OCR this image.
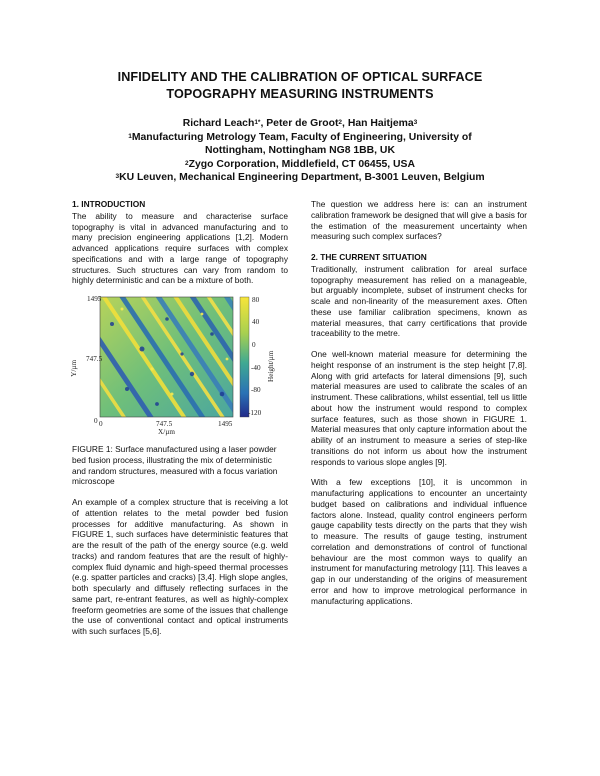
INFIDELITY AND THE CALIBRATION OF OPTICAL SURFACE
TOPOGRAPHY MEASURING INSTRUMENTS
Richard Leach$^{1*}$, Peter de Groot$^2$, Han Haitjema$^3$
$^1$Manufacturing Metrology Team, Faculty of Engineering, University of
Nottingham, Nottingham NG8 1BB, UK
$^2$Zygo Corporation, Middlefield, CT 06455, USA
$^3$KU Leuven, Mechanical Engineering Department, B-3001 Leuven, Belgium
1. INTRODUCTION

The ability to measure and characterise surface topography is vital in advanced manufacturing and to many precision engineering applications [1,2]. Modern advanced applications require surfaces with complex specifications and with a large range of topography structures. Such structures can vary from random to highly deterministic and can be a mixture of both.

1495
747.5
0
Y/µm
0	747.5	1495
X/µm
80
40
0
-40
-80
-120
Height/µm

FIGURE 1: Surface manufactured using a laser powder bed fusion process, illustrating the mix of deterministic and random structures, measured with a focus variation microscope

An example of a complex structure that is receiving a lot of attention relates to the metal powder bed fusion processes for additive manufacturing. As shown in FIGURE 1, such surfaces have deterministic features that are the result of the path of the energy source (e.g. weld tracks) and random features that are the result of highly-complex fluid dynamic and high-speed thermal processes (e.g. spatter particles and cracks) [3,4]. High slope angles, both specularly and diffusely reflecting surfaces in the same part, re-entrant features, as well as highly-complex freeform geometries are some of the issues that challenge the use of conventional contact and optical instruments with such surfaces [5,6].

The question we address here is: can an instrument calibration framework be designed that will give a basis for the estimation of the measurement uncertainty when measuring such complex surfaces?

2. THE CURRENT SITUATION

Traditionally, instrument calibration for areal surface topography measurement has relied on a manageable, but arguably incomplete, subset of instrument checks for scale and non-linearity of the measurement axes. Often these use familiar calibration specimens, known as material measures, that carry certifications that provide traceability to the metre.

One well-known material measure for determining the height response of an instrument is the step height [7,8]. Along with grid artefacts for lateral dimensions [9], such material measures are used to calibrate the scales of an instrument. These calibrations, whilst essential, tell us little about how the instrument would respond to complex surface features, such as those shown in FIGURE 1. Material measures that only capture information about the ability of an instrument to measure a series of step-like transitions do not inform us about how the instrument responds to various slope angles [9].

With a few exceptions [10], it is uncommon in manufacturing applications to encounter an uncertainty budget based on calibrations and individual influence factors alone. Instead, quality control engineers perform gauge capability tests directly on the parts that they wish to measure. The results of gauge testing, instrument correlation and demonstrations of control of functional behaviour are the most common ways to qualify an instrument for manufacturing metrology [11]. This leaves a gap in our understanding of the origins of measurement error and how to improve metrological performance in manufacturing applications.
